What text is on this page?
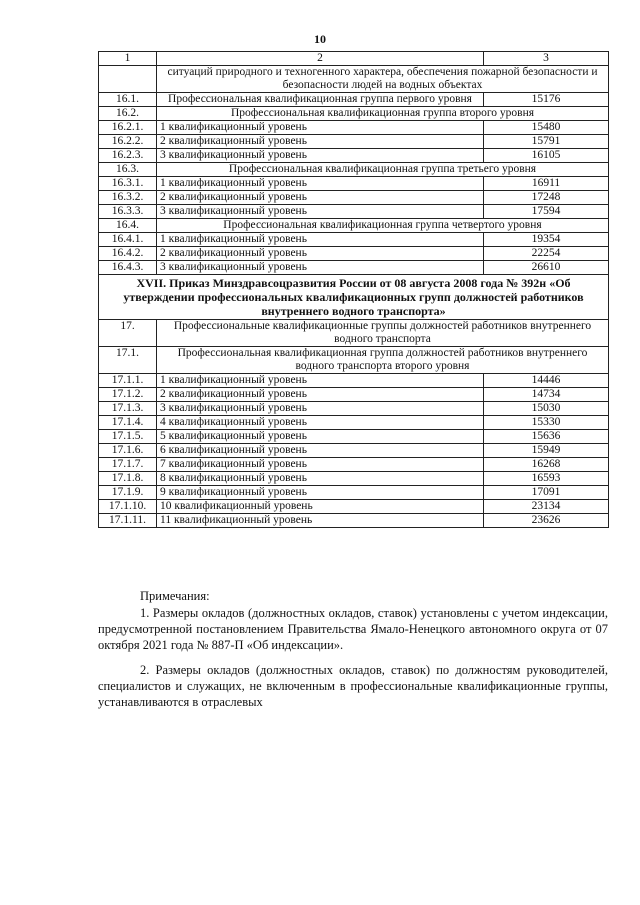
10
1	2	3
	ситуаций природного и техногенного характера, обеспечения пожарной безопасности и безопасности людей на водных объектах	
16.1.	Профессиональная квалификационная группа первого уровня	15176
16.2.	Профессиональная квалификационная группа второго уровня	
16.2.1.	1 квалификационный уровень	15480
16.2.2.	2 квалификационный уровень	15791
16.2.3.	3 квалификационный уровень	16105
16.3.	Профессиональная квалификационная группа третьего уровня	
16.3.1.	1 квалификационный уровень	16911
16.3.2.	2 квалификационный уровень	17248
16.3.3.	3 квалификационный уровень	17594
16.4.	Профессиональная квалификационная группа четвертого уровня	
16.4.1.	1 квалификационный уровень	19354
16.4.2.	2 квалификационный уровень	22254
16.4.3.	3 квалификационный уровень	26610
XVII. Приказ Минздравсоцразвития России от 08 августа 2008 года № 392н «Об утверждении профессиональных квалификационных групп должностей работников внутреннего водного транспорта»		
17.	Профессиональные квалификационные группы должностей работников внутреннего водного транспорта	
17.1.	Профессиональная квалификационная группа должностей работников внутреннего водного транспорта второго уровня	
17.1.1.	1 квалификационный уровень	14446
17.1.2.	2 квалификационный уровень	14734
17.1.3.	3 квалификационный уровень	15030
17.1.4.	4 квалификационный уровень	15330
17.1.5.	5 квалификационный уровень	15636
17.1.6.	6 квалификационный уровень	15949
17.1.7.	7 квалификационный уровень	16268
17.1.8.	8 квалификационный уровень	16593
17.1.9.	9 квалификационный уровень	17091
17.1.10.	10 квалификационный уровень	23134
17.1.11.	11 квалификационный уровень	23626

Примечания:

1. Размеры окладов (должностных окладов, ставок) установлены с учетом индексации, предусмотренной постановлением Правительства Ямало-Ненецкого автономного округа от 07 октября 2021 года № 887-П «Об индексации».

2. Размеры окладов (должностных окладов, ставок) по должностям руководителей, специалистов и служащих, не включенным в профессиональные квалификационные группы, устанавливаются в отраслевых
